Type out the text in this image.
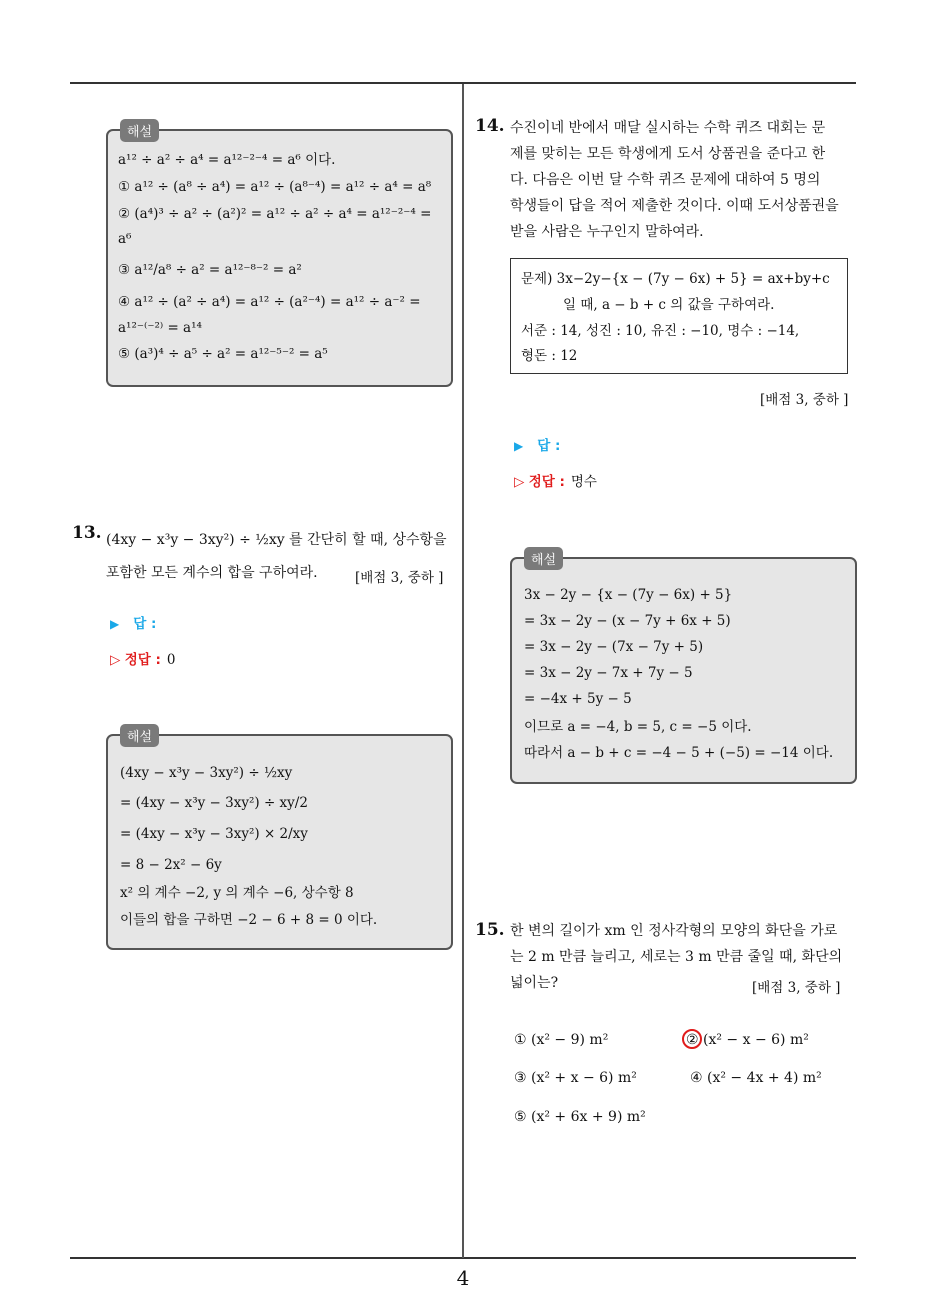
4
해설
a¹² ÷ a² ÷ a⁴ = a¹²⁻²⁻⁴ = a⁶ 이다.
① a¹² ÷ (a⁸ ÷ a⁴) = a¹² ÷ (a⁸⁻⁴) = a¹² ÷ a⁴ = a⁸
② (a⁴)³ ÷ a² ÷ (a²)² = a¹² ÷ a² ÷ a⁴ = a¹²⁻²⁻⁴ =
a⁶
③ a¹²/a⁸ ÷ a² = a¹²⁻⁸⁻² = a²
④ a¹² ÷ (a² ÷ a⁴) = a¹² ÷ (a²⁻⁴) = a¹² ÷ a⁻² =
a¹²⁻⁽⁻²⁾ = a¹⁴
⑤ (a³)⁴ ÷ a⁵ ÷ a² = a¹²⁻⁵⁻² = a⁵
13. (4xy − x³y − 3xy²) ÷ ½xy 를 간단히 할 때, 상수항을
포함한 모든 계수의 합을 구하여라.	[배점 3, 중하 ]
▶ 답 :
▷ 정답 : 0
해설
(4xy − x³y − 3xy²) ÷ ½xy
= (4xy − x³y − 3xy²) ÷ xy/2
= (4xy − x³y − 3xy²) × 2/xy
= 8 − 2x² − 6y
x² 의 계수 −2, y 의 계수 −6, 상수항 8
이들의 합을 구하면 −2 − 6 + 8 = 0 이다.
14. 수진이네 반에서 매달 실시하는 수학 퀴즈 대회는 문
제를 맞히는 모든 학생에게 도서 상품권을 준다고 한
다. 다음은 이번 달 수학 퀴즈 문제에 대하여 5 명의
학생들이 답을 적어 제출한 것이다. 이때 도서상품권을
받을 사람은 누구인지 말하여라.
문제) 3x−2y−{x − (7y − 6x) + 5} = ax+by+c
일 때, a − b + c 의 값을 구하여라.
서준 : 14, 성진 : 10, 유진 : −10, 명수 : −14,
형돈 : 12
[배점 3, 중하 ]
▶ 답 :
▷ 정답 : 명수
해설
3x − 2y − {x − (7y − 6x) + 5}
= 3x − 2y − (x − 7y + 6x + 5)
= 3x − 2y − (7x − 7y + 5)
= 3x − 2y − 7x + 7y − 5
= −4x + 5y − 5
이므로 a = −4, b = 5, c = −5 이다.
따라서 a − b + c = −4 − 5 + (−5) = −14 이다.
15. 한 변의 길이가 xm 인 정사각형의 모양의 화단을 가로
는 2 m 만큼 늘리고, 세로는 3 m 만큼 줄일 때, 화단의
넓이는?	[배점 3, 중하 ]
① (x² − 9) m²	② (x² − x − 6) m²
③ (x² + x − 6) m²	④ (x² − 4x + 4) m²
⑤ (x² + 6x + 9) m²
